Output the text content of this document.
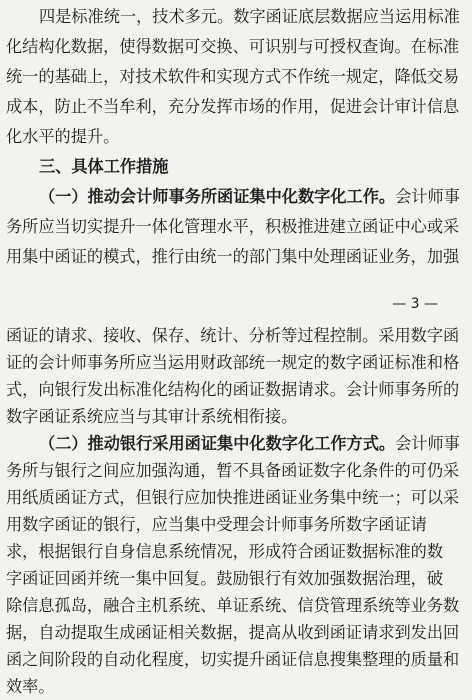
四是标准统一，技术多元。数字函证底层数据应当运用标准
化结构化数据，使得数据可交换、可识别与可授权查询。在标准
统一的基础上，对技术软件和实现方式不作统一规定，降低交易
成本，防止不当牟利，充分发挥市场的作用，促进会计审计信息
化水平的提升。
三、具体工作措施
（一）推动会计师事务所函证集中化数字化工作。会计师事
务所应当切实提升一体化管理水平，积极推进建立函证中心或采
用集中函证的模式，推行由统一的部门集中处理函证业务，加强
— 3 —
函证的请求、接收、保存、统计、分析等过程控制。采用数字函
证的会计师事务所应当运用财政部统一规定的数字函证标准和格
式，向银行发出标准化结构化的函证数据请求。会计师事务所的
数字函证系统应当与其审计系统相衔接。
（二）推动银行采用函证集中化数字化工作方式。会计师事
务所与银行之间应加强沟通，暂不具备函证数字化条件的可仍采
用纸质函证方式，但银行应加快推进函证业务集中统一；可以采
用数字函证的银行，应当集中受理会计师事务所数字函证请
求，根据银行自身信息系统情况，形成符合函证数据标准的数
字函证回函并统一集中回复。鼓励银行有效加强数据治理，破
除信息孤岛，融合主机系统、单证系统、信贷管理系统等业务数
据，自动提取生成函证相关数据，提高从收到函证请求到发出回
函之间阶段的自动化程度，切实提升函证信息搜集整理的质量和
效率。
